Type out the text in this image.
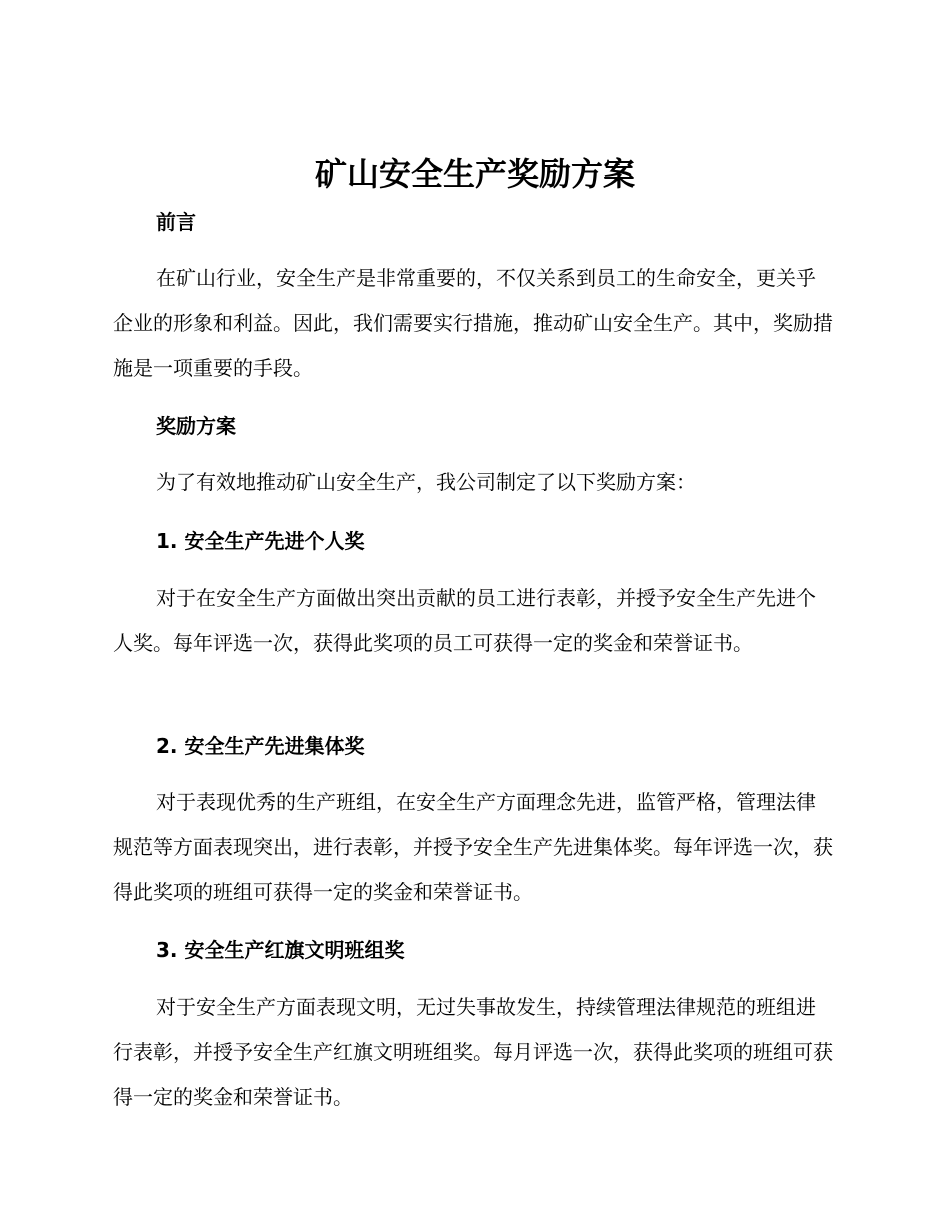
矿山安全生产奖励方案
前言

在矿山行业，安全生产是非常重要的，不仅关系到员工的生命安全，更关乎企业的形象和利益。因此，我们需要实行措施，推动矿山安全生产。其中，奖励措施是一项重要的手段。

奖励方案

为了有效地推动矿山安全生产，我公司制定了以下奖励方案：

1. 安全生产先进个人奖

对于在安全生产方面做出突出贡献的员工进行表彰，并授予安全生产先进个人奖。每年评选一次，获得此奖项的员工可获得一定的奖金和荣誉证书。

2. 安全生产先进集体奖

对于表现优秀的生产班组，在安全生产方面理念先进，监管严格，管理法律规范等方面表现突出，进行表彰，并授予安全生产先进集体奖。每年评选一次，获得此奖项的班组可获得一定的奖金和荣誉证书。

3. 安全生产红旗文明班组奖

对于安全生产方面表现文明，无过失事故发生，持续管理法律规范的班组进行表彰，并授予安全生产红旗文明班组奖。每月评选一次，获得此奖项的班组可获得一定的奖金和荣誉证书。
